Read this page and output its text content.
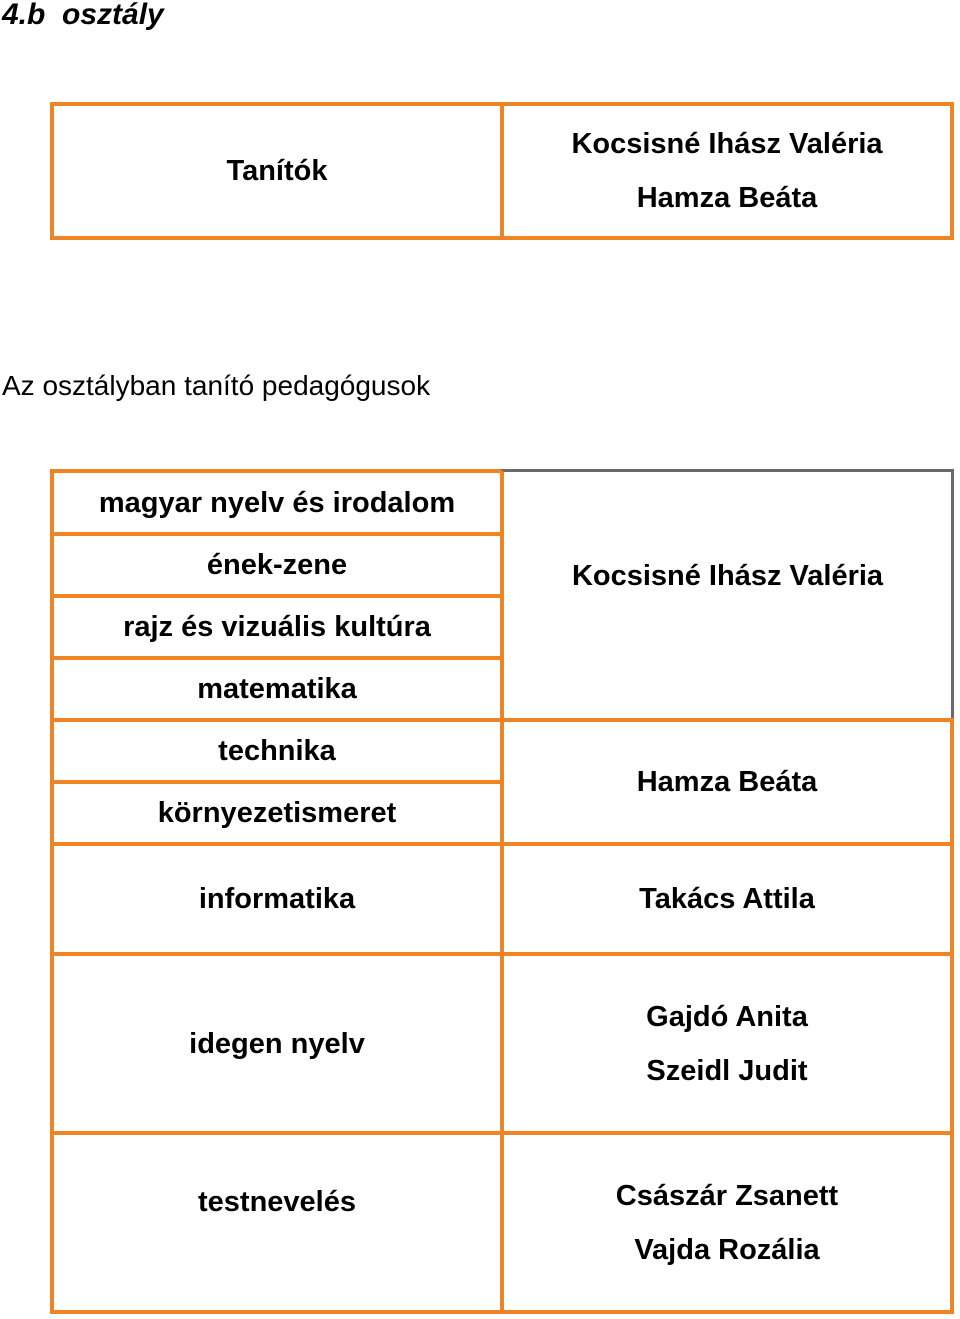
4.b  osztály
Tanítók
Kocsisné Ihász Valéria
Hamza Beáta

Az osztályban tanító pedagógusok

magyar nyelv és irodalom
ének-zene
rajz és vizuális kultúra
matematika
Kocsisné Ihász Valéria
technika
környezetismeret
Hamza Beáta
informatika	Takács Attila
idegen nyelv
Gajdó Anita
Szeidl Judit
testnevelés	Császár Zsanett
Vajda Rozália
